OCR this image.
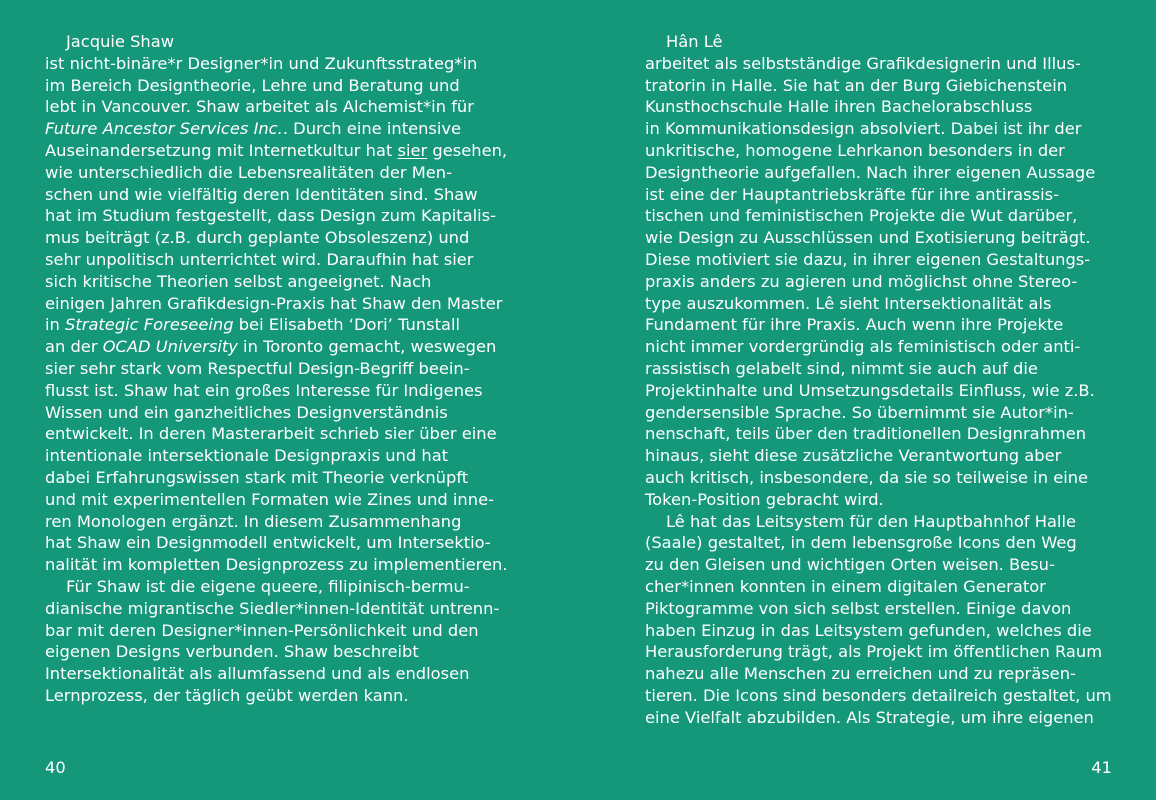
Jacquie Shaw
ist nicht-binäre*r Designer*in und Zukunftsstrateg*in
im Bereich Designtheorie, Lehre und Beratung und
lebt in Vancouver. Shaw arbeitet als Alchemist*in für
Future Ancestor Services Inc.. Durch eine intensive
Auseinandersetzung mit Internetkultur hat sier gesehen,
wie unterschiedlich die Lebensrealitäten der Men-
schen und wie vielfältig deren Identitäten sind. Shaw
hat im Studium festgestellt, dass Design zum Kapitalis-
mus beiträgt (z.B. durch geplante Obsoleszenz) und
sehr unpolitisch unterrichtet wird. Daraufhin hat sier
sich kritische Theorien selbst angeeignet. Nach
einigen Jahren Grafikdesign-Praxis hat Shaw den Master
in Strategic Foreseeing bei Elisabeth ‘Dori’ Tunstall
an der OCAD University in Toronto gemacht, weswegen
sier sehr stark vom Respectful Design-Begriff beein-
flusst ist. Shaw hat ein großes Interesse für Indigenes
Wissen und ein ganzheitliches Designverständnis
entwickelt. In deren Masterarbeit schrieb sier über eine
intentionale intersektionale Designpraxis und hat
dabei Erfahrungswissen stark mit Theorie verknüpft
und mit experimentellen Formaten wie Zines und inne-
ren Monologen ergänzt. In diesem Zusammenhang
hat Shaw ein Designmodell entwickelt, um Intersektio-
nalität im kompletten Designprozess zu implementieren.
Für Shaw ist die eigene queere, filipinisch-bermu-
dianische migrantische Siedler*innen-Identität untrenn-
bar mit deren Designer*innen-Persönlichkeit und den
eigenen Designs verbunden. Shaw beschreibt
Intersektionalität als allumfassend und als endlosen
Lernprozess, der täglich geübt werden kann.
40
Hân Lê
arbeitet als selbstständige Grafikdesignerin und Illus-
tratorin in Halle. Sie hat an der Burg Giebichenstein
Kunsthochschule Halle ihren Bachelorabschluss
in Kommunikationsdesign absolviert. Dabei ist ihr der
unkritische, homogene Lehrkanon besonders in der
Designtheorie aufgefallen. Nach ihrer eigenen Aussage
ist eine der Hauptantriebskräfte für ihre antirassis-
tischen und feministischen Projekte die Wut darüber,
wie Design zu Ausschlüssen und Exotisierung beiträgt.
Diese motiviert sie dazu, in ihrer eigenen Gestaltungs-
praxis anders zu agieren und möglichst ohne Stereo-
type auszukommen. Lê sieht Intersektionalität als
Fundament für ihre Praxis. Auch wenn ihre Projekte
nicht immer vordergründig als feministisch oder anti-
rassistisch gelabelt sind, nimmt sie auch auf die
Projektinhalte und Umsetzungsdetails Einfluss, wie z.B.
gendersensible Sprache. So übernimmt sie Autor*in-
nenschaft, teils über den traditionellen Designrahmen
hinaus, sieht diese zusätzliche Verantwortung aber
auch kritisch, insbesondere, da sie so teilweise in eine
Token-Position gebracht wird.
Lê hat das Leitsystem für den Hauptbahnhof Halle
(Saale) gestaltet, in dem lebensgroße Icons den Weg
zu den Gleisen und wichtigen Orten weisen. Besu-
cher*innen konnten in einem digitalen Generator
Piktogramme von sich selbst erstellen. Einige davon
haben Einzug in das Leitsystem gefunden, welches die
Herausforderung trägt, als Projekt im öffentlichen Raum
nahezu alle Menschen zu erreichen und zu repräsen-
tieren. Die Icons sind besonders detailreich gestaltet, um
eine Vielfalt abzubilden. Als Strategie, um ihre eigenen
41
